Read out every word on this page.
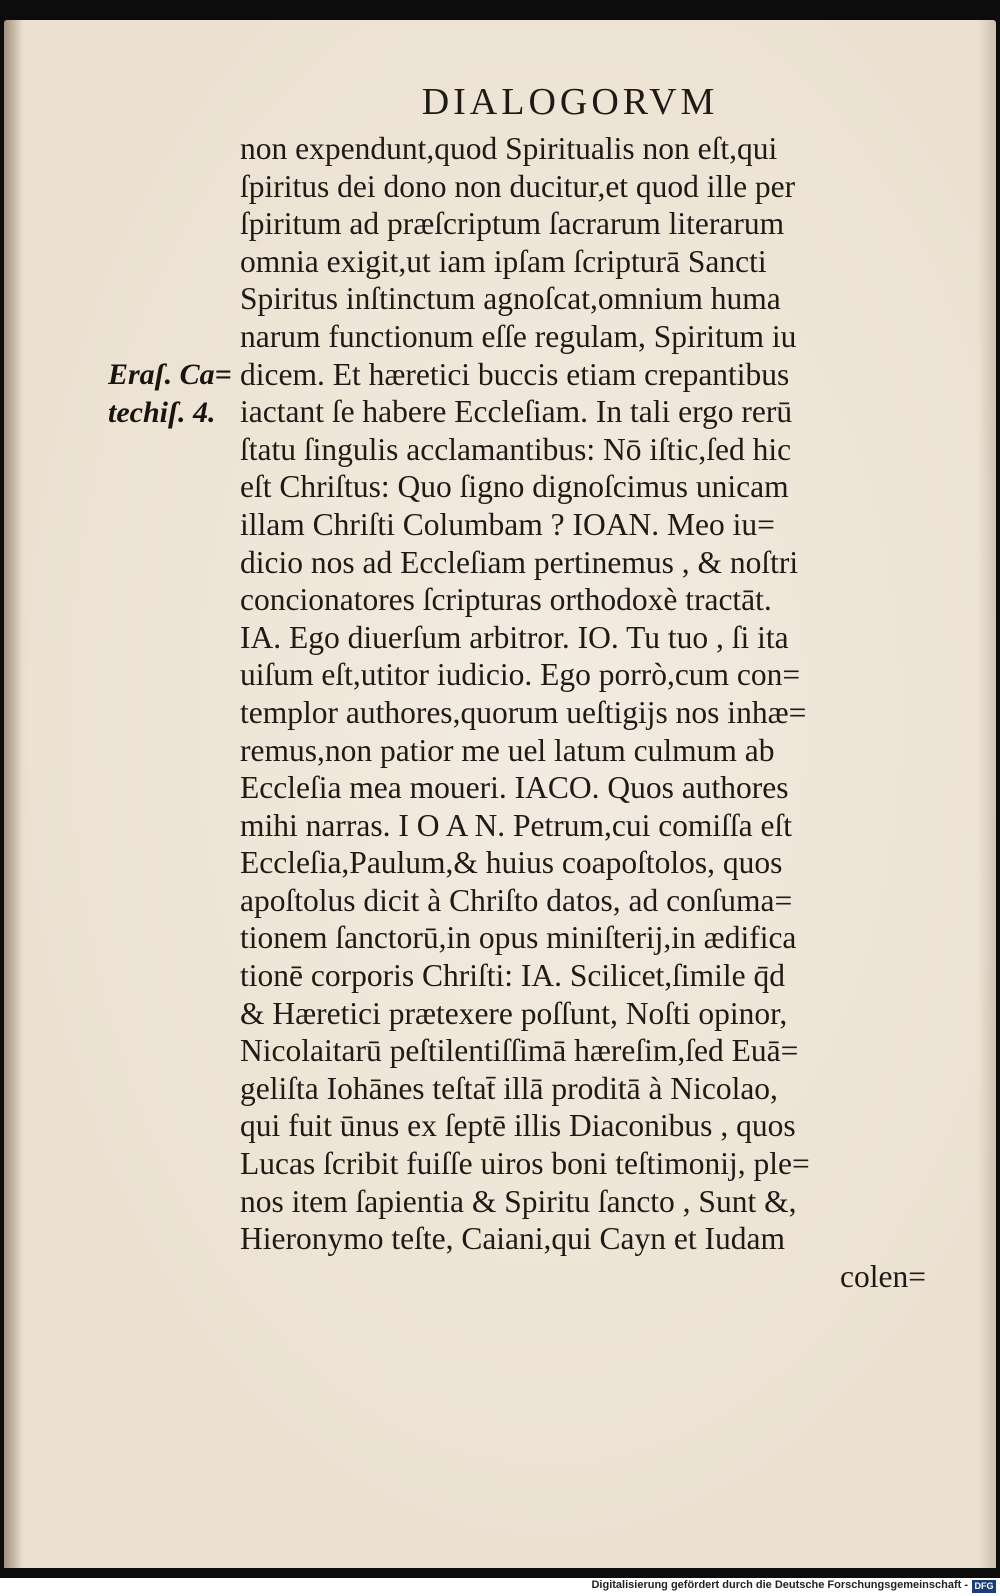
DIALOGORVM
Eraſ. Ca=
techiſ. 4.
non expendunt,quod Spiritualis non eſt,qui
ſpiritus dei dono non ducitur,et quod ille per
ſpiritum ad præſcriptum ſacrarum literarum
omnia exigit,ut iam ipſam ſcripturā Sancti
Spiritus inſtinctum agnoſcat,omnium huma
narum functionum eſſe regulam, Spiritum iu
dicem. Et hæretici buccis etiam crepantibus
iactant ſe habere Eccleſiam. In tali ergo rerū
ſtatu ſingulis acclamantibus: Nō iſtic,ſed hic
eſt Chriſtus: Quo ſigno dignoſcimus unicam
illam Chriſti Columbam ? IOAN. Meo iu=
dicio nos ad Eccleſiam pertinemus , & noſtri
concionatores ſcripturas orthodoxè tractāt.
IA. Ego diuerſum arbitror. IO. Tu tuo , ſi ita
uiſum eſt,utitor iudicio. Ego porrò,cum con=
templor authores,quorum ueſtigijs nos inhæ=
remus,non patior me uel latum culmum ab
Eccleſia mea moueri. IACO. Quos authores
mihi narras. I O A N. Petrum,cui comiſſa eſt
Eccleſia,Paulum,& huius coapoſtolos, quos
apoſtolus dicit à Chriſto datos, ad conſuma=
tionem ſanctorū,in opus miniſterij,in ædifica
tionē corporis Chriſti: IA. Scilicet,ſimile q̄d
& Hæretici prætexere poſſunt, Noſti opinor,
Nicolaitarū peſtilentiſſimā hæreſim,ſed Euā=
geliſta Iohānes teſtat̄ illā proditā à Nicolao,
qui fuit ūnus ex ſeptē illis Diaconibus , quos
Lucas ſcribit fuiſſe uiros boni teſtimonij, ple=
nos item ſapientia & Spiritu ſancto , Sunt &,
Hieronymo teſte, Caiani,qui Cayn et Iudam
colen=
Digitalisierung gefördert durch die Deutsche Forschungsgemeinschaft - DFG
